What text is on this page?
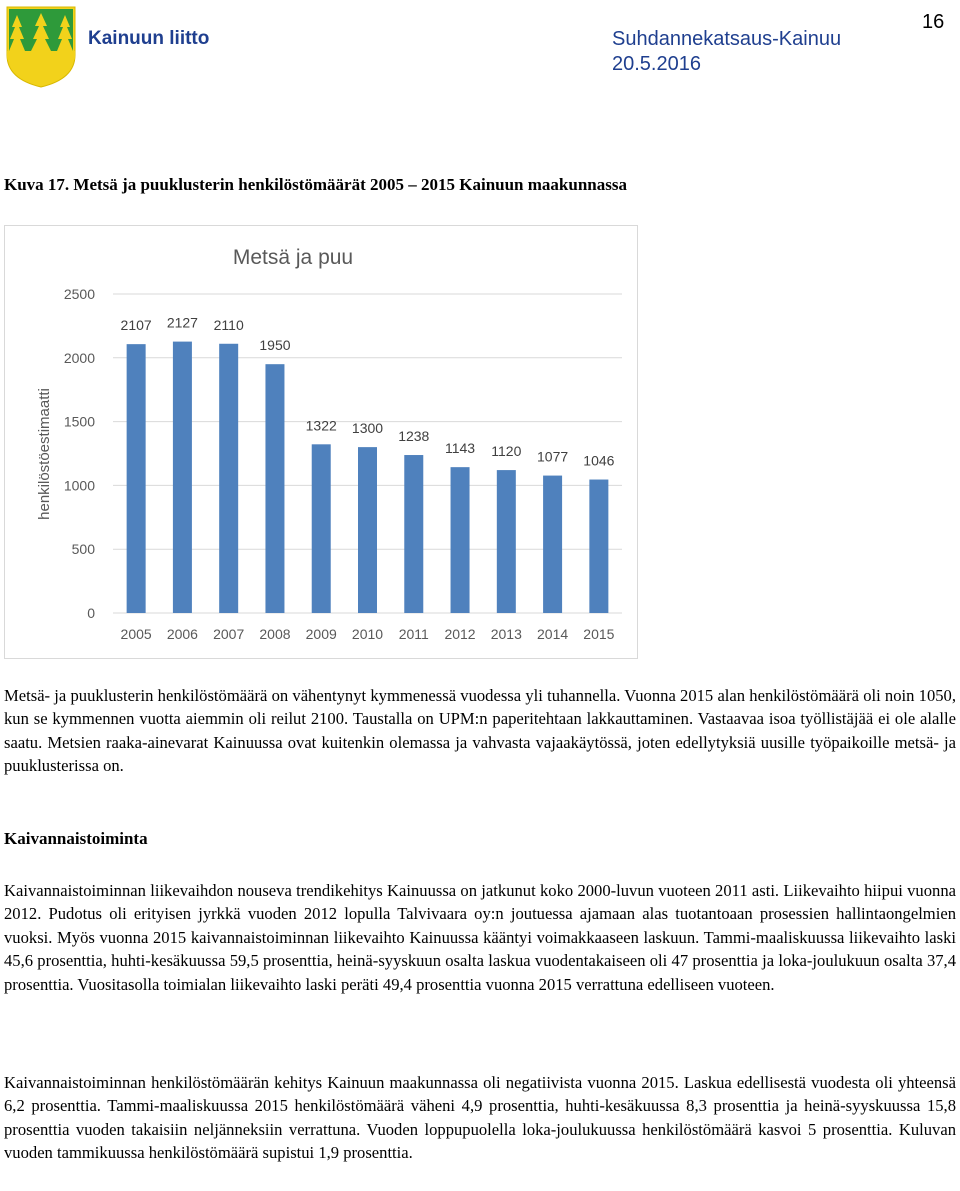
Kainuun liitto	Suhdannekatsaus-Kainuu
20.5.2016
16
Kuva 17. Metsä ja puuklusterin henkilöstömäärät 2005 – 2015 Kainuun maakunnassa
Metsä ja puu
henkilöstöestimaatti
0
500
1000
1500
2000
2500
2107
2005
2127
2006
2110
2007
1950
2008
1322
2009
1300
2010
1238
2011
1143
2012
1120
2013
1077
2014
1046
2015
Metsä- ja puuklusterin henkilöstömäärä on vähentynyt kymmenessä vuodessa yli tuhannella. Vuonna 2015 alan henkilöstömäärä oli noin 1050, kun se kymmennen vuotta aiemmin oli reilut 2100. Taustalla on UPM:n paperitehtaan lakkauttaminen. Vastaavaa isoa työllistäjää ei ole alalle saatu. Metsien raaka-ainevarat Kainuussa ovat kuitenkin olemassa ja vahvasta vajaakäytössä, joten edellytyksiä uusille työpaikoille metsä- ja puuklusterissa on.
Kaivannaistoiminta
Kaivannaistoiminnan liikevaihdon nouseva trendikehitys Kainuussa on jatkunut koko 2000-luvun vuoteen 2011 asti. Liikevaihto hiipui vuonna 2012. Pudotus oli erityisen jyrkkä vuoden 2012 lopulla Talvivaara oy:n joutuessa ajamaan alas tuotantoaan prosessien hallintaongelmien vuoksi. Myös vuonna 2015 kaivannaistoiminnan liikevaihto Kainuussa kääntyi voimakkaaseen laskuun. Tammi-maaliskuussa liikevaihto laski 45,6 prosenttia, huhti-kesäkuussa 59,5 prosenttia, heinä-syyskuun osalta laskua vuodentakaiseen oli 47 prosenttia ja loka-joulukuun osalta 37,4 prosenttia. Vuositasolla toimialan liikevaihto laski peräti 49,4 prosenttia vuonna 2015 verrattuna edelliseen vuoteen.
Kaivannaistoiminnan henkilöstömäärän kehitys Kainuun maakunnassa oli negatiivista vuonna 2015. Laskua edellisestä vuodesta oli yhteensä 6,2 prosenttia. Tammi-maaliskuussa 2015 henkilöstömäärä väheni 4,9 prosenttia, huhti-kesäkuussa 8,3 prosenttia ja heinä-syyskuussa 15,8 prosenttia vuoden takaisiin neljänneksiin verrattuna. Vuoden loppupuolella loka-joulukuussa henkilöstömäärä kasvoi 5 prosenttia. Kuluvan vuoden tammikuussa henkilöstömäärä supistui 1,9 prosenttia.
